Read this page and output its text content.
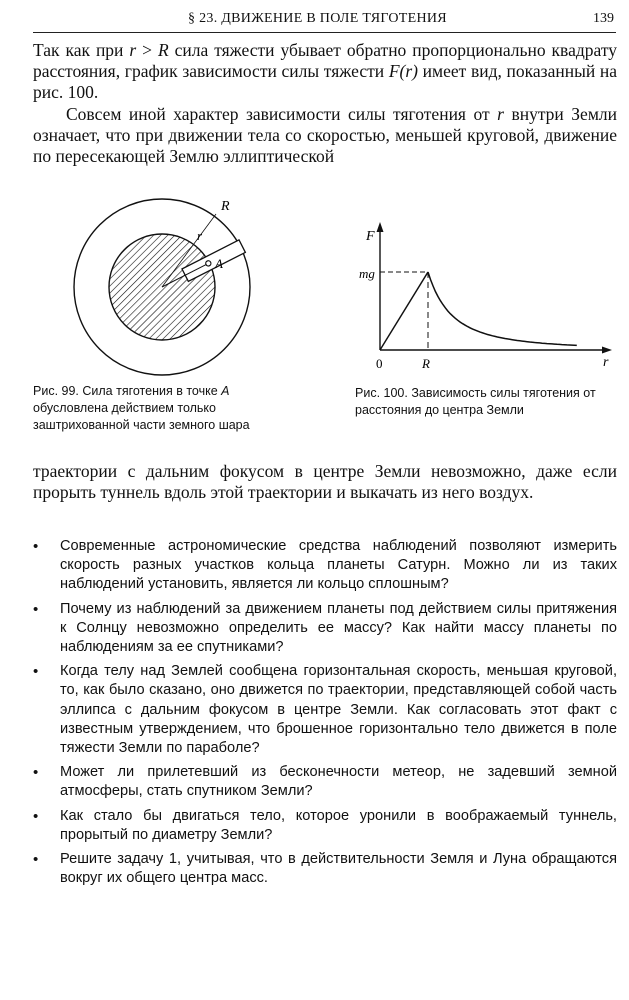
§ 23. ДВИЖЕНИЕ В ПОЛЕ ТЯГОТЕНИЯ	139

Так как при r > R сила тяжести убывает обратно пропорционально квадрату расстояния, график зависимости силы тяжести F(r) имеет вид, показанный на рис. 100.

Совсем иной характер зависимости силы тяготения от r внутри Земли означает, что при движении тела со скоростью, меньшей круговой, движение по пересекающей Землю эллиптической

R
r
A

Рис. 99. Сила тяготения в точке A обусловлена действием только заштрихованной части земного шара

F
r
mg
0	R

Рис. 100. Зависимость силы тяготения от расстояния до центра Земли

траектории с дальним фокусом в центре Земли невозможно, даже если прорыть туннель вдоль этой траектории и выкачать из него воздух.

• Современные астрономические средства наблюдений позволяют измерить скорость разных участков кольца планеты Сатурн. Можно ли из таких наблюдений установить, является ли кольцо сплошным?
• Почему из наблюдений за движением планеты под действием силы притяжения к Солнцу невозможно определить ее массу? Как найти массу планеты по наблюдениям за ее спутниками?
• Когда телу над Землей сообщена горизонтальная скорость, меньшая круговой, то, как было сказано, оно движется по траектории, представляющей собой часть эллипса с дальним фокусом в центре Земли. Как согласовать этот факт с известным утверждением, что брошенное горизонтально тело движется в поле тяжести Земли по параболе?
• Может ли прилетевший из бесконечности метеор, не задевший земной атмосферы, стать спутником Земли?
• Как стало бы двигаться тело, которое уронили в воображаемый туннель, прорытый по диаметру Земли?
• Решите задачу 1, учитывая, что в действительности Земля и Луна обращаются вокруг их общего центра масс.
